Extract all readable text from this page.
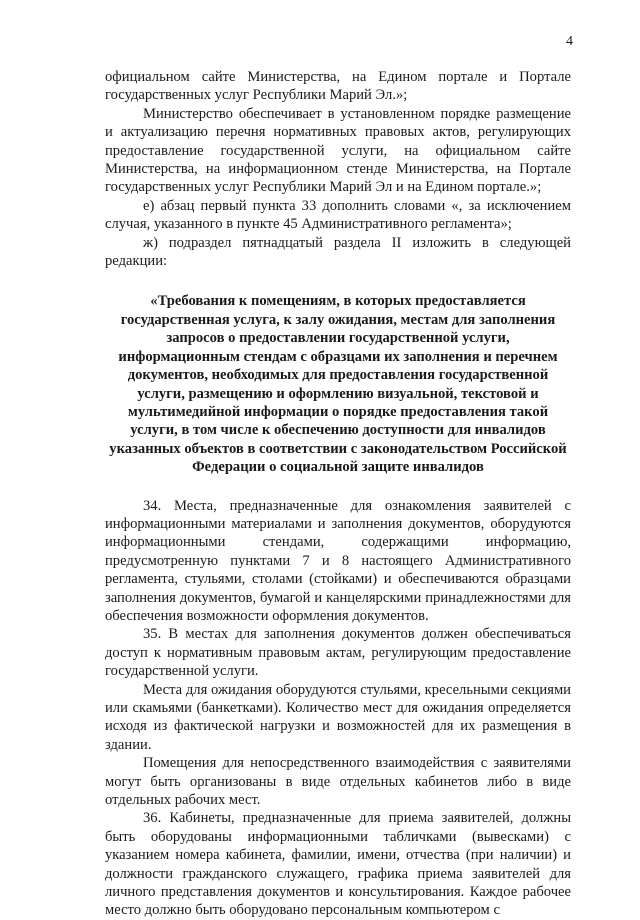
4

официальном сайте Министерства, на Едином портале и Портале государственных услуг Республики Марий Эл.»;

Министерство обеспечивает в установленном порядке размещение и актуализацию перечня нормативных правовых актов, регулирующих предоставление государственной услуги, на официальном сайте Министерства, на информационном стенде Министерства, на Портале государственных услуг Республики Марий Эл и на Едином портале.»;

е) абзац первый пункта 33 дополнить словами «, за исключением случая, указанного в пункте 45 Административного регламента»;

ж) подраздел пятнадцатый раздела II изложить в следующей редакции:

«Требования к помещениям, в которых предоставляется государственная услуга, к залу ожидания, местам для заполнения запросов о предоставлении государственной услуги, информационным стендам с образцами их заполнения и перечнем документов, необходимых для предоставления государственной услуги, размещению и оформлению визуальной, текстовой и мультимедийной информации о порядке предоставления такой услуги, в том числе к обеспечению доступности для инвалидов указанных объектов в соответствии с законодательством Российской Федерации о социальной защите инвалидов

34. Места, предназначенные для ознакомления заявителей с информационными материалами и заполнения документов, оборудуются информационными стендами, содержащими информацию, предусмотренную пунктами 7 и 8 настоящего Административного регламента, стульями, столами (стойками) и обеспечиваются образцами заполнения документов, бумагой и канцелярскими принадлежностями для обеспечения возможности оформления документов.

35. В местах для заполнения документов должен обеспечиваться доступ к нормативным правовым актам, регулирующим предоставление государственной услуги.

Места для ожидания оборудуются стульями, кресельными секциями или скамьями (банкетками). Количество мест для ожидания определяется исходя из фактической нагрузки и возможностей для их размещения в здании.

Помещения для непосредственного взаимодействия с заявителями могут быть организованы в виде отдельных кабинетов либо в виде отдельных рабочих мест.

36. Кабинеты, предназначенные для приема заявителей, должны быть оборудованы информационными табличками (вывесками) с указанием номера кабинета, фамилии, имени, отчества (при наличии) и должности гражданского служащего, графика приема заявителей для личного представления документов и консультирования. Каждое рабочее место должно быть оборудовано персональным компьютером с
